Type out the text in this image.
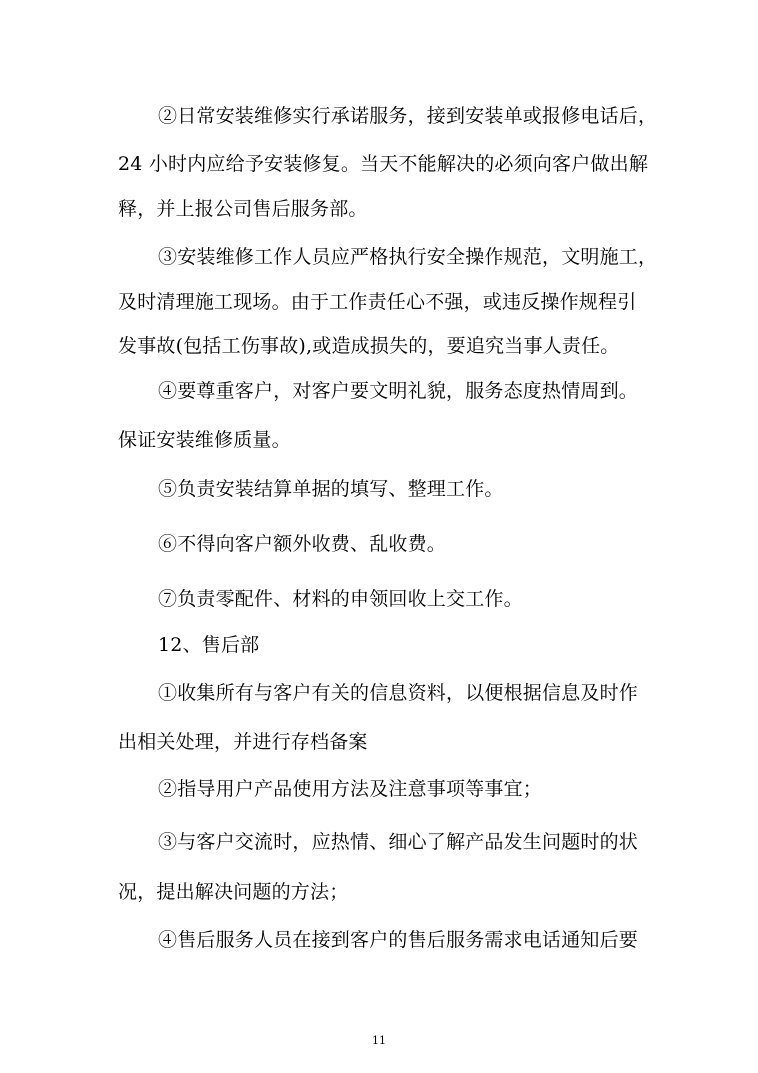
②日常安装维修实行承诺服务，接到安装单或报修电话后，
24 小时内应给予安装修复。当天不能解决的必须向客户做出解
释，并上报公司售后服务部。
③安装维修工作人员应严格执行安全操作规范，文明施工，
及时清理施工现场。由于工作责任心不强，或违反操作规程引
发事故(包括工伤事故),或造成损失的，要追究当事人责任。
④要尊重客户，对客户要文明礼貌，服务态度热情周到。
保证安装维修质量。
⑤负责安装结算单据的填写、整理工作。
⑥不得向客户额外收费、乱收费。
⑦负责零配件、材料的申领回收上交工作。
12、售后部
①收集所有与客户有关的信息资料，以便根据信息及时作
出相关处理，并进行存档备案
②指导用户产品使用方法及注意事项等事宜；
③与客户交流时，应热情、细心了解产品发生问题时的状
况，提出解决问题的方法；
④售后服务人员在接到客户的售后服务需求电话通知后要
11
